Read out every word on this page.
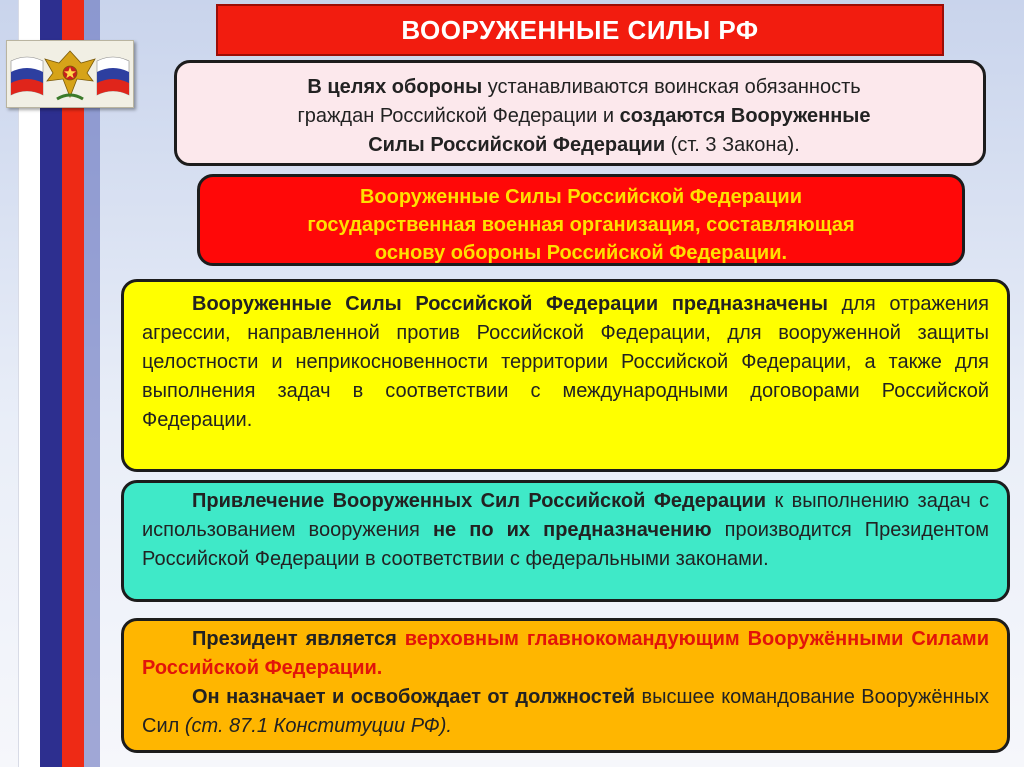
ВООРУЖЕННЫЕ СИЛЫ РФ
В целях обороны устанавливаются воинская обязанность
граждан Российской Федерации и создаются Вооруженные
Силы Российской Федерации (ст. 3 Закона).
Вооруженные Силы Российской Федерации
государственная военная организация, составляющая
основу обороны Российской Федерации.

Вооруженные Силы Российской Федерации предназначены для отражения агрессии, направленной против Российской Федерации, для вооруженной защиты целостности и неприкосновенности территории Российской Федерации, а также для выполнения задач в соответствии с международными договорами Российской Федерации.

Привлечение Вооруженных Сил Российской Федерации к выполнению задач с использованием вооружения не по их предназначению производится Президентом Российской Федерации в соответствии с федеральными законами.

Президент является верховным главнокомандующим Вооружёнными Силами Российской Федерации.

Он назначает и освобождает от должностей высшее командование Вооружённых Сил (ст. 87.1 Конституции РФ).
